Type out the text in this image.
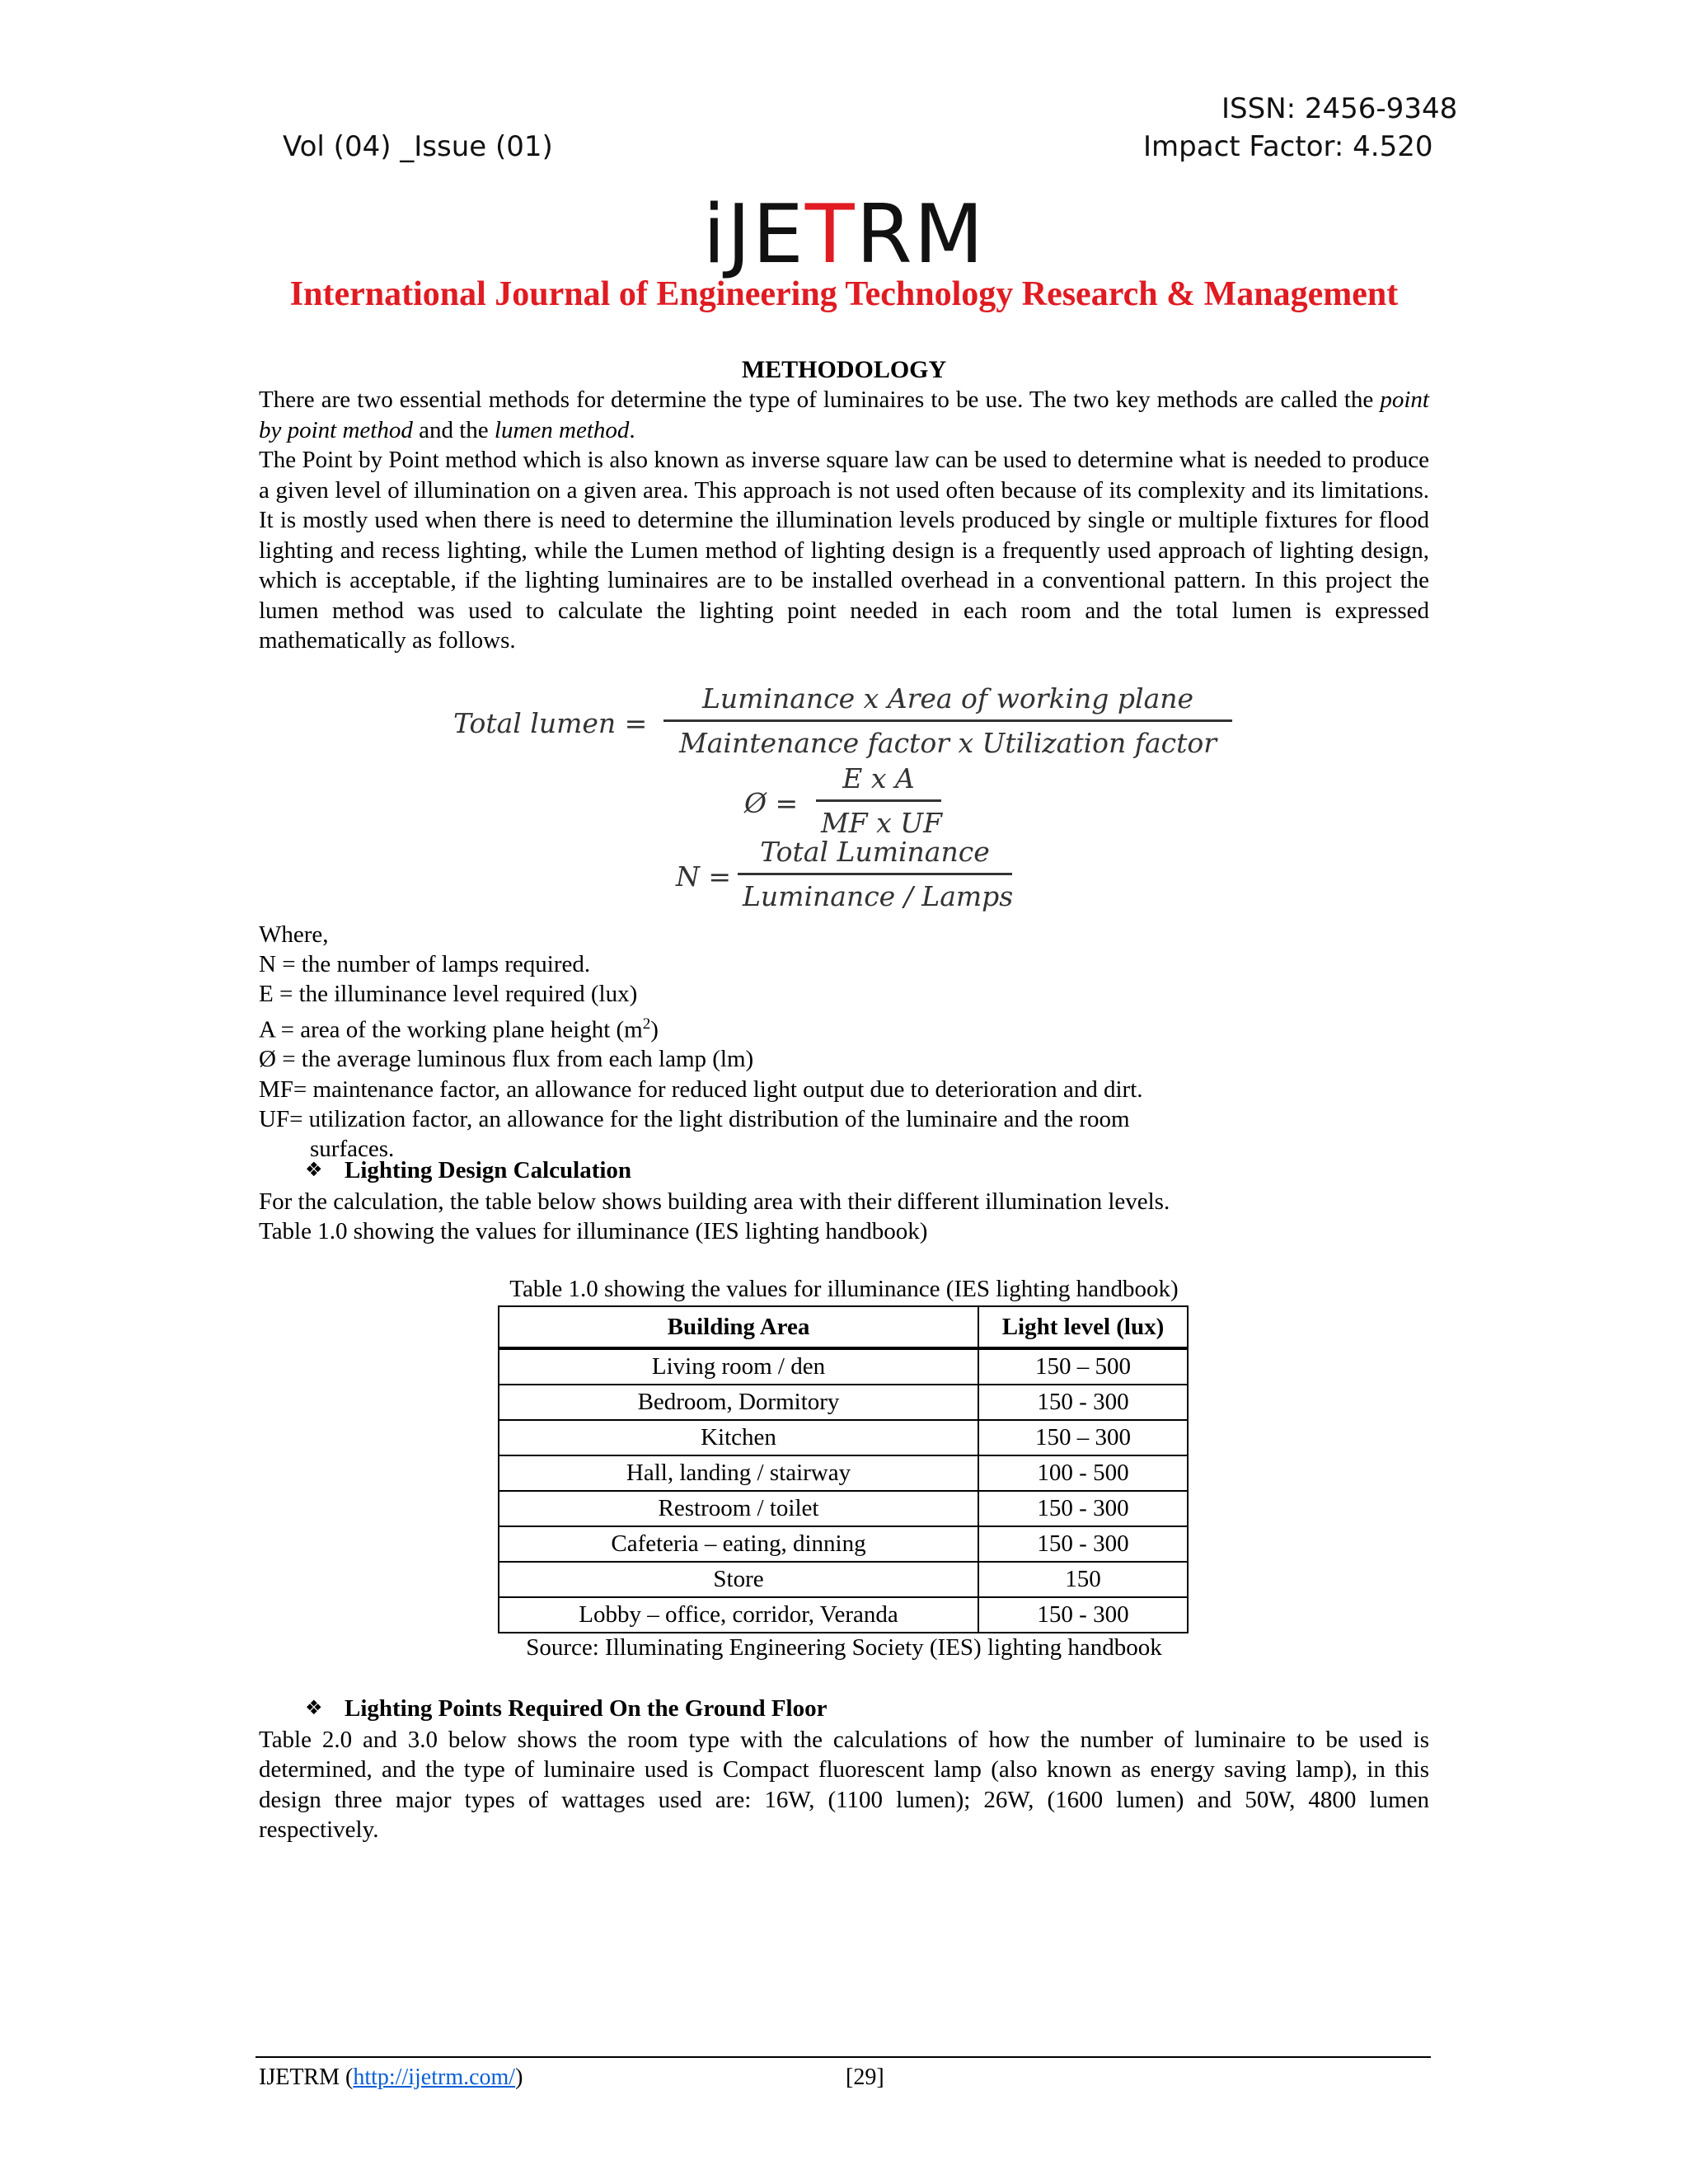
ISSN: 2456-9348
Vol (04) _Issue (01)	Impact Factor: 4.520
iJETRM
International Journal of Engineering Technology Research & Management
METHODOLOGY
There are two essential methods for determine the type of luminaires to be use. The two key methods are called the point by point method and the lumen method.
The Point by Point method which is also known as inverse square law can be used to determine what is needed to produce a given level of illumination on a given area. This approach is not used often because of its complexity and its limitations. It is mostly used when there is need to determine the illumination levels produced by single or multiple fixtures for flood lighting and recess lighting, while the Lumen method of lighting design is a frequently used approach of lighting design, which is acceptable, if the lighting luminaires are to be installed overhead in a conventional pattern. In this project the lumen method was used to calculate the lighting point needed in each room and the total lumen is expressed mathematically as follows.
Total lumen =
Luminance x Area of working plane
Maintenance factor x Utilization factor
Ø = $\frac{\text{E x A}}{\text{MF x UF}}$
N =
Total Luminance
Luminance / Lamps
Where,
N = the number of lamps required.
E = the illuminance level required (lux)
A = area of the working plane height $(m^2)$
Ø = the average luminous flux from each lamp (lm)
MF= maintenance factor, an allowance for reduced light output due to deterioration and dirt.
UF= utilization factor, an allowance for the light distribution of the luminaire and the room
surfaces.
❖Lighting Design Calculation
For the calculation, the table below shows building area with their different illumination levels.
Table 1.0 showing the values for illuminance (IES lighting handbook)
Table 1.0 showing the values for illuminance (IES lighting handbook)
Building Area	Light level (lux)
Living room / den	150 – 500
Bedroom, Dormitory	150 - 300
Kitchen	150 – 300
Hall, landing / stairway	100 - 500
Restroom / toilet	150 - 300
Cafeteria – eating, dinning	150 - 300
Store	150
Lobby – office, corridor, Veranda	150 - 300
Source: Illuminating Engineering Society (IES) lighting handbook
❖Lighting Points Required On the Ground Floor
Table 2.0 and 3.0 below shows the room type with the calculations of how the number of luminaire to be used is determined, and the type of luminaire used is Compact fluorescent lamp (also known as energy saving lamp), in this design three major types of wattages used are: 16W, (1100 lumen); 26W, (1600 lumen) and 50W, 4800 lumen respectively.
IJETRM (http://ijetrm.com/)	[29]
